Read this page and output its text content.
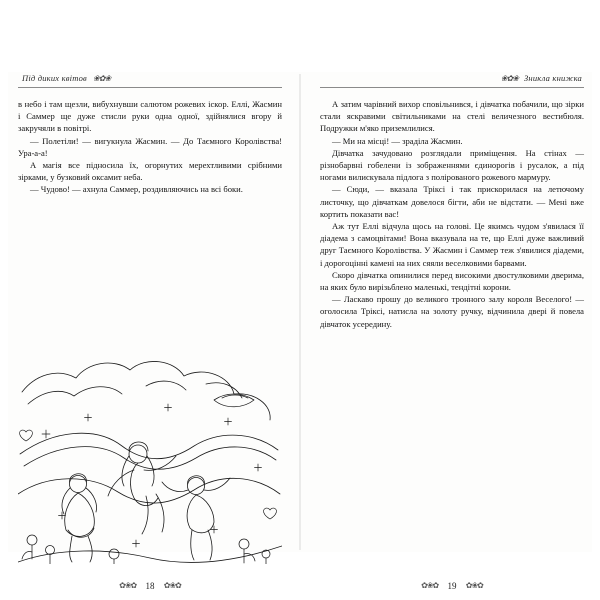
Під диких квітов ❀✿❀

в небо і там щезли, вибухнувши салютом рожевих іскор. Еллі, Жасмин і Саммер ще дуже стисли руки одна одної, здійнялися вгору й закручяли в повітрі.

— Полетіли! — вигукнула Жасмин. — До Таємного Королівства! Ура-а-а!

А магія все підносила їх, огорнутих мерехтливими срібними зірками, у бузковий оксамит неба.

— Чудово! — ахнула Саммер, роздивляючись на всі боки.

✿❀✿ 18 ✿❀✿
❀✿❀ Зникла книжка

А затим чарівний вихор сповільнився, і дівчатка побачили, що зірки стали яскравими світильниками на стелі величезного вестибюля. Подружки м'яко приземлилися.

— Ми на місці! — зраділа Жасмин.

Дівчатка зачудовано розглядали приміщення. На стінах — різнобарвні гобелени із зображеннями єдинорогів і русалок, а під ногами вилискувала підлога з полірованого рожевого мармуру.

— Сюди, — вказала Тріксі і так прискорилася на летючому листочку, що дівчаткам довелося бігти, аби не відстати. — Мені вже кортить показати вас!

Аж тут Еллі відчула щось на голові. Це якимсь чудом з'явилася її діадема з самоцвітами! Вона вказувала на те, що Еллі дуже важливий друг Таємного Королівства. У Жасмин і Саммер теж з'явилися діадеми, і дорогоцінні камені на них сяяли веселковими барвами.

Скоро дівчатка опинилися перед високими двостулковими дверима, на яких було вирізьблено маленькі, тендітні корони.

— Ласкаво прошу до великого тронного залу короля Веселого! — оголосила Тріксі, натисла на золоту ручку, відчинила двері й повела дівчаток усередину.

✿❀✿ 19 ✿❀✿
